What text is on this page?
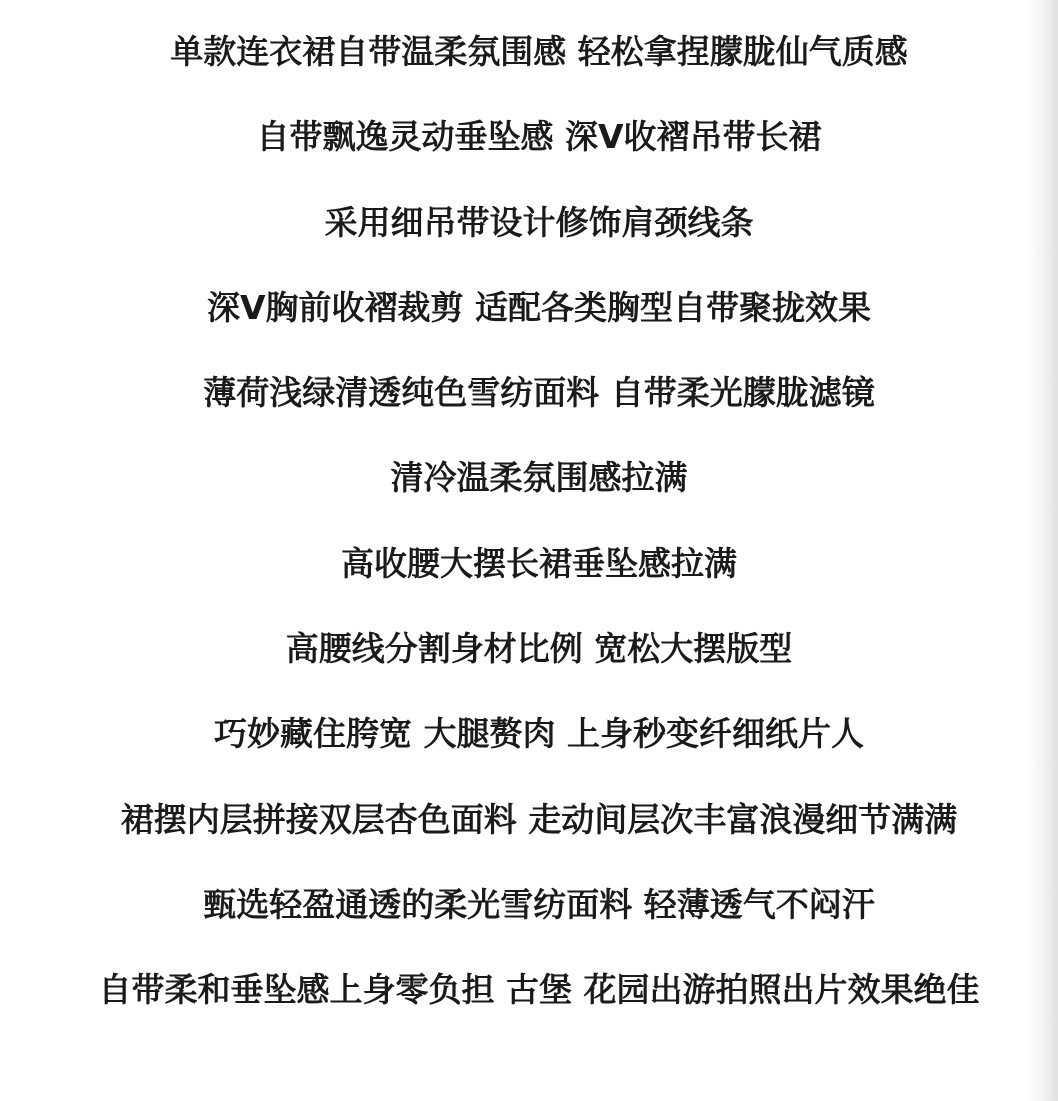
单款连衣裙自带温柔氛围感 轻松拿捏朦胧仙气质感
自带飘逸灵动垂坠感 深V收褶吊带长裙
采用细吊带设计修饰肩颈线条
深V胸前收褶裁剪 适配各类胸型自带聚拢效果
薄荷浅绿清透纯色雪纺面料 自带柔光朦胧滤镜
清冷温柔氛围感拉满
高收腰大摆长裙垂坠感拉满
高腰线分割身材比例 宽松大摆版型
巧妙藏住胯宽 大腿赘肉 上身秒变纤细纸片人
裙摆内层拼接双层杏色面料 走动间层次丰富浪漫细节满满
甄选轻盈通透的柔光雪纺面料 轻薄透气不闷汗
自带柔和垂坠感上身零负担 古堡 花园出游拍照出片效果绝佳
